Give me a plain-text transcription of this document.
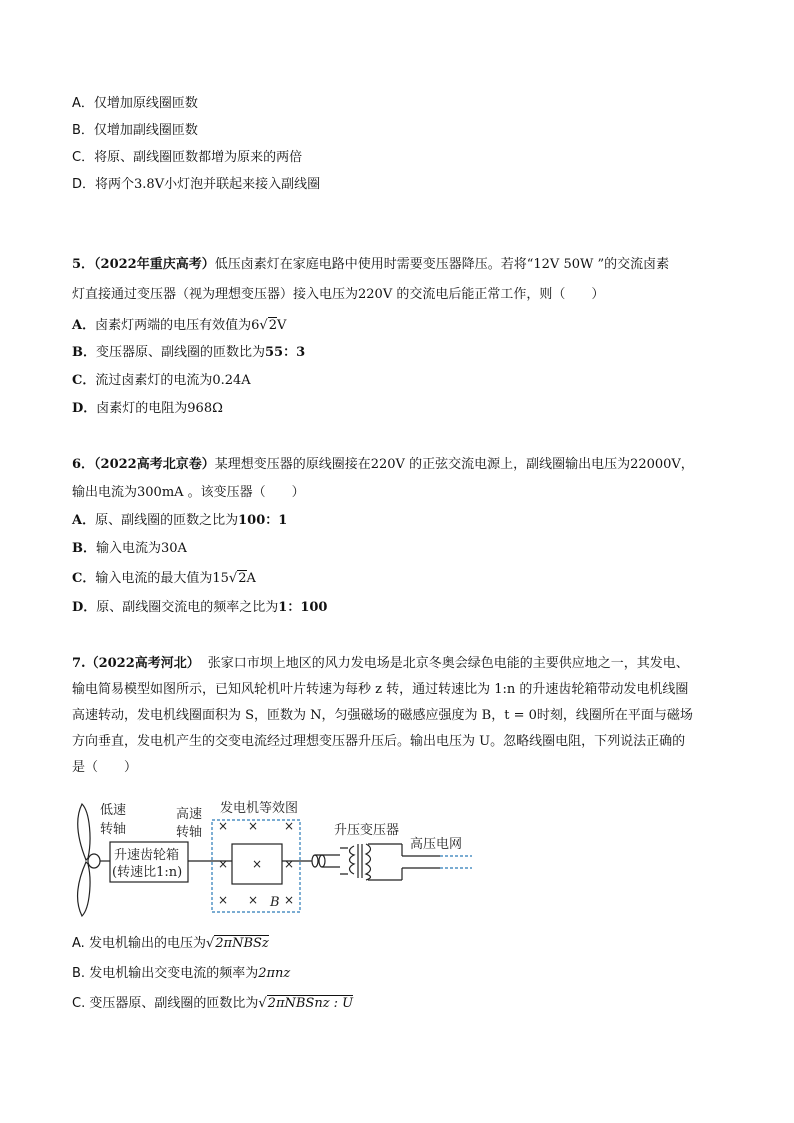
A．仅增加原线圈匝数
B．仅增加副线圈匝数
C．将原、副线圈匝数都增为原来的两倍
D．将两个3.8V小灯泡并联起来接入副线圈
5．（2022年重庆高考）低压卤素灯在家庭电路中使用时需要变压器降压。若将“12V 50W ”的交流卤素
灯直接通过变压器（视为理想变压器）接入电压为220V 的交流电后能正常工作，则（　　）
A．卤素灯两端的电压有效值为6√2V
B．变压器原、副线圈的匝数比为55：3
C．流过卤素灯的电流为0.24A
D．卤素灯的电阻为968Ω
6．（2022高考北京卷）某理想变压器的原线圈接在220V 的正弦交流电源上，副线圈输出电压为22000V，
输出电流为300mA 。该变压器（　　）
A．原、副线圈的匝数之比为100：1
B．输入电流为30A
C．输入电流的最大值为15√2A
D．原、副线圈交流电的频率之比为1：100
7.（2022高考河北） 张家口市坝上地区的风力发电场是北京冬奥会绿色电能的主要供应地之一，其发电、
输电简易模型如图所示，已知风轮机叶片转速为每秒 z 转，通过转速比为 1:n 的升速齿轮箱带动发电机线圈
高速转动，发电机线圈面积为 S，匝数为 N，匀强磁场的磁感应强度为 B，t = 0时刻，线圈所在平面与磁场
方向垂直，发电机产生的交变电流经过理想变压器升压后。输出电压为 U。忽略线圈电阻，下列说法正确的
是（　　）
低速
转轴
升速齿轮箱
(转速比1:n)
高速
转轴
发电机等效图
× × ×
× × ×
× × ×
B
升压变压器
高压电网
A. 发电机输出的电压为√2πNBSz
B. 发电机输出交变电流的频率为2πnz
C. 变压器原、副线圈的匝数比为√2πNBSnz : U
